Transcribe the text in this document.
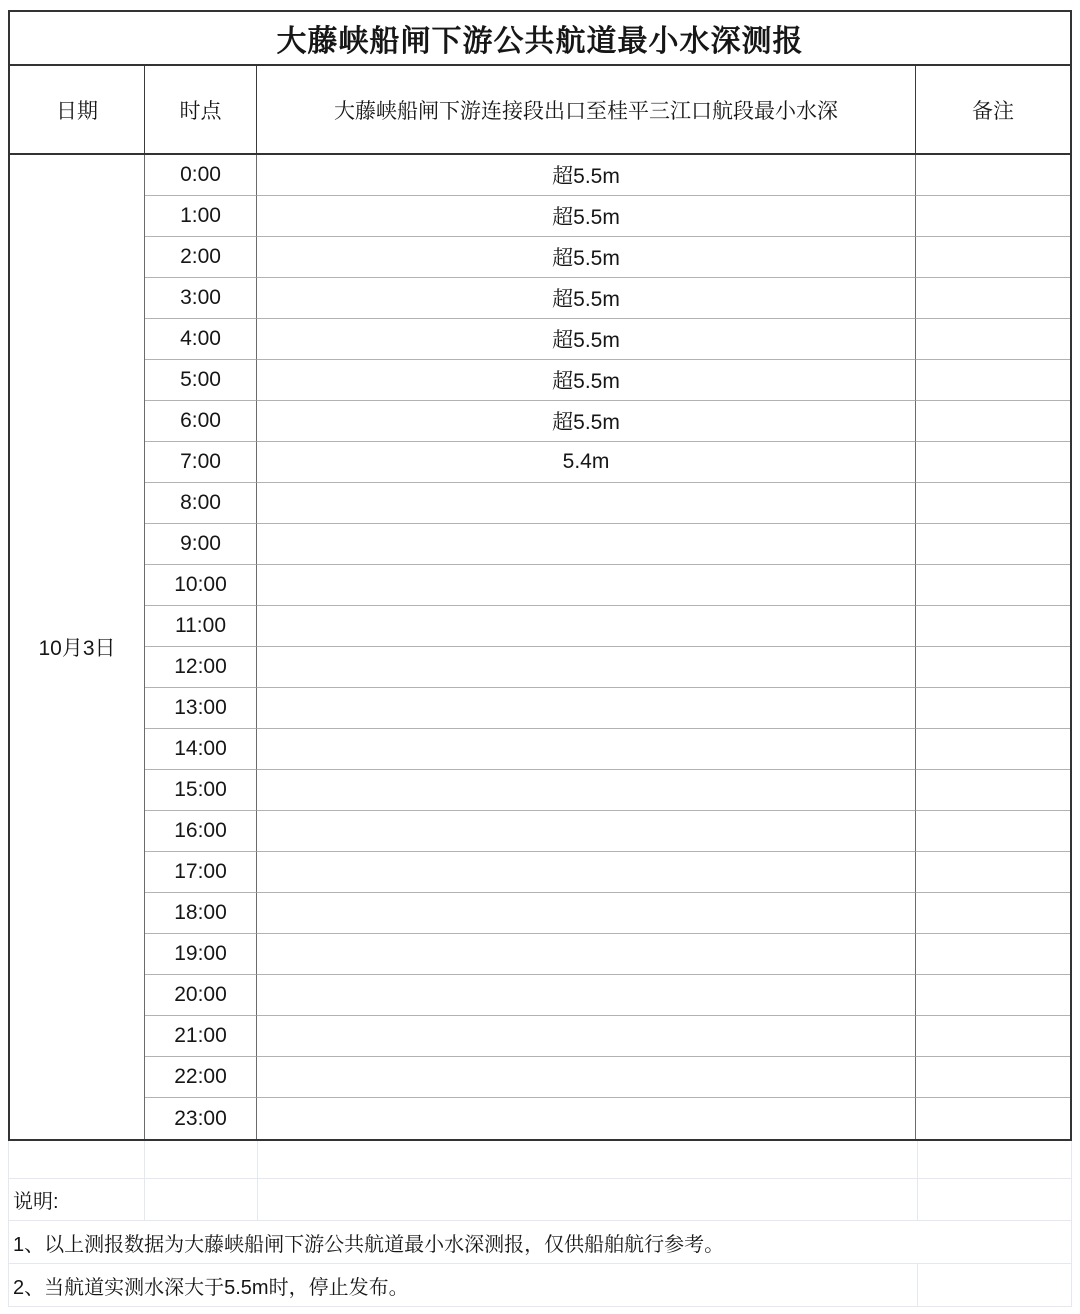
大藤峡船闸下游公共航道最小水深测报
日期	时点	大藤峡船闸下游连接段出口至桂平三江口航段最小水深	备注
10月3日
0:00	超5.5m
1:00	超5.5m
2:00	超5.5m
3:00	超5.5m
4:00	超5.5m
5:00	超5.5m
6:00	超5.5m
7:00	5.4m
8:00
9:00
10:00
11:00
12:00
13:00
14:00
15:00
16:00
17:00
18:00
19:00
20:00
21:00
22:00
23:00
说明:
1、以上测报数据为大藤峡船闸下游公共航道最小水深测报，仅供船舶航行参考。
2、当航道实测水深大于5.5m时，停止发布。
